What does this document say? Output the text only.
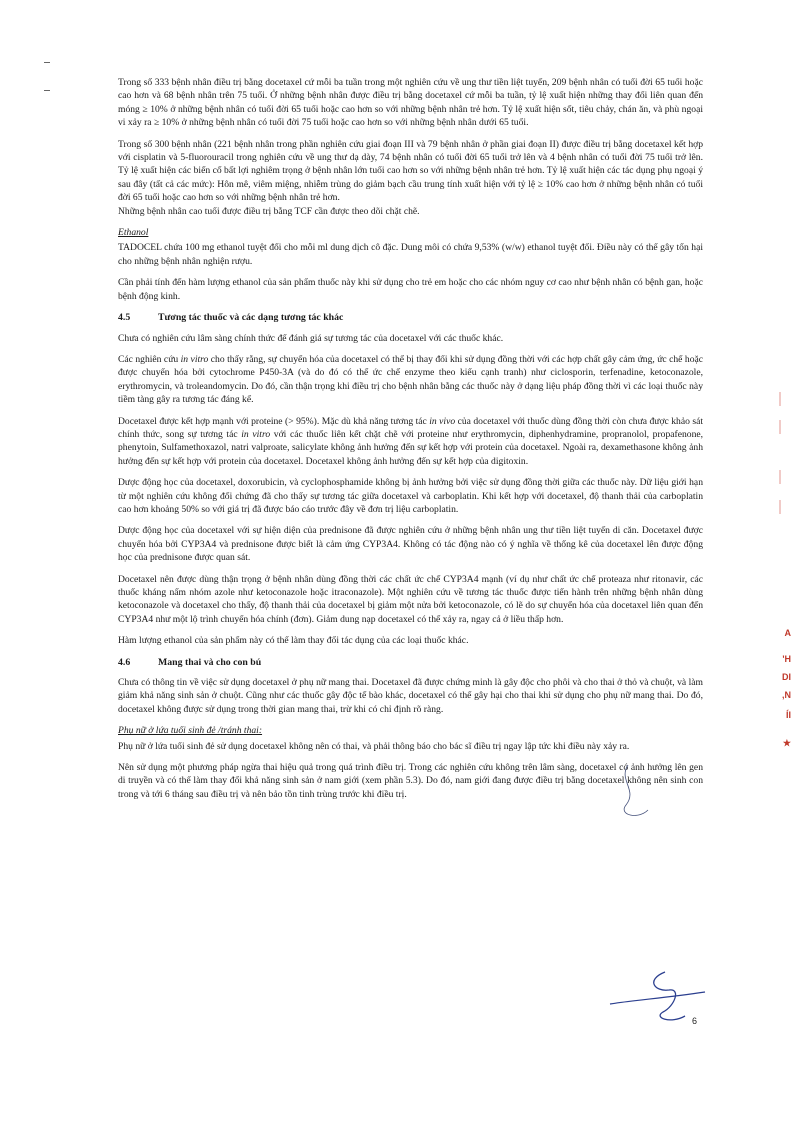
Trong số 333 bệnh nhân điều trị bằng docetaxel cứ mỗi ba tuần trong một nghiên cứu về ung thư tiền liệt tuyến, 209 bệnh nhân có tuổi đời 65 tuổi hoặc cao hơn và 68 bệnh nhân trên 75 tuổi. Ở những bệnh nhân được điều trị bằng docetaxel cứ mỗi ba tuần, tỷ lệ xuất hiện những thay đổi liên quan đến móng ≥ 10% ở những bệnh nhân có tuổi đời 65 tuổi hoặc cao hơn so với những bệnh nhân trẻ hơn. Tỷ lệ xuất hiện sốt, tiêu chảy, chán ăn, và phù ngoại vi xảy ra ≥ 10% ở những bệnh nhân có tuổi đời 75 tuổi hoặc cao hơn so với những bệnh nhân dưới 65 tuổi.

Trong số 300 bệnh nhân (221 bệnh nhân trong phần nghiên cứu giai đoạn III và 79 bệnh nhân ở phần giai đoạn II) được điều trị bằng docetaxel kết hợp với cisplatin và 5-fluorouracil trong nghiên cứu về ung thư dạ dày, 74 bệnh nhân có tuổi đời 65 tuổi trở lên và 4 bệnh nhân có tuổi đời 75 tuổi trở lên. Tỷ lệ xuất hiện các biến cố bất lợi nghiêm trọng ở bệnh nhân lớn tuổi cao hơn so với những bệnh nhân trẻ hơn. Tỷ lệ xuất hiện các tác dụng phụ ngoại ý sau đây (tất cả các mức): Hôn mê, viêm miệng, nhiễm trùng do giảm bạch cầu trung tính xuất hiện với tỷ lệ ≥ 10% cao hơn ở những bệnh nhân có tuổi đời 65 tuổi hoặc cao hơn so với những bệnh nhân trẻ hơn.

Những bệnh nhân cao tuổi được điều trị bằng TCF cần được theo dõi chặt chẽ.

Ethanol

TADOCEL chứa 100 mg ethanol tuyệt đối cho mỗi ml dung dịch cô đặc. Dung môi có chứa 9,53% (w/w) ethanol tuyệt đối. Điều này có thể gây tổn hại cho những bệnh nhân nghiện rượu.

Cần phải tính đến hàm lượng ethanol của sản phẩm thuốc này khi sử dụng cho trẻ em hoặc cho các nhóm nguy cơ cao như bệnh nhân có bệnh gan, hoặc bệnh động kinh.

4.5	Tương tác thuốc và các dạng tương tác khác

Chưa có nghiên cứu lâm sàng chính thức để đánh giá sự tương tác của docetaxel với các thuốc khác.

Các nghiên cứu in vitro cho thấy rằng, sự chuyển hóa của docetaxel có thể bị thay đổi khi sử dụng đồng thời với các hợp chất gây cảm ứng, ức chế hoặc được chuyển hóa bởi cytochrome P450-3A (và do đó có thể ức chế enzyme theo kiểu cạnh tranh) như ciclosporin, terfenadine, ketoconazole, erythromycin, và troleandomycin. Do đó, cần thận trọng khi điều trị cho bệnh nhân bằng các thuốc này ở dạng liệu pháp đồng thời vì các loại thuốc này tiềm tàng gây ra tương tác đáng kể.

Docetaxel được kết hợp mạnh với proteine (> 95%). Mặc dù khả năng tương tác in vivo của docetaxel với thuốc dùng đồng thời còn chưa được khảo sát chính thức, song sự tương tác in vitro với các thuốc liên kết chặt chẽ với proteine như erythromycin, diphenhydramine, propranolol, propafenone, phenytoin, Sulfamethoxazol, natri valproate, salicylate không ảnh hưởng đến sự kết hợp với protein của docetaxel. Ngoài ra, dexamethasone không ảnh hưởng đến sự kết hợp với protein của docetaxel. Docetaxel không ảnh hưởng đến sự kết hợp của digitoxin.

Dược động học của docetaxel, doxorubicin, và cyclophosphamide không bị ảnh hưởng bởi việc sử dụng đồng thời giữa các thuốc này. Dữ liệu giới hạn từ một nghiên cứu không đối chứng đã cho thấy sự tương tác giữa docetaxel và carboplatin. Khi kết hợp với docetaxel, độ thanh thải của carboplatin cao hơn khoảng 50% so với giá trị đã được báo cáo trước đây về đơn trị liệu carboplatin.

Dược động học của docetaxel với sự hiện diện của prednisone đã được nghiên cứu ở những bệnh nhân ung thư tiền liệt tuyến di căn. Docetaxel được chuyển hóa bởi CYP3A4 và prednisone được biết là cảm ứng CYP3A4. Không có tác động nào có ý nghĩa về thống kê của docetaxel lên được động học của prednisone được quan sát.

Docetaxel nên được dùng thận trọng ở bệnh nhân dùng đồng thời các chất ức chế CYP3A4 mạnh (ví dụ như chất ức chế proteaza như ritonavir, các thuốc kháng nấm nhóm azole như ketoconazole hoặc itraconazole). Một nghiên cứu về tương tác thuốc được tiến hành trên những bệnh nhân dùng ketoconazole và docetaxel cho thấy, độ thanh thải của docetaxel bị giảm một nửa bởi ketoconazole, có lẽ do sự chuyển hóa của docetaxel liên quan đến CYP3A4 như một lộ trình chuyển hóa chính (đơn). Giảm dung nạp docetaxel có thể xảy ra, ngay cả ở liều thấp hơn.

Hàm lượng ethanol của sản phẩm này có thể làm thay đổi tác dụng của các loại thuốc khác.

4.6	Mang thai và cho con bú

Chưa có thông tin về việc sử dụng docetaxel ở phụ nữ mang thai. Docetaxel đã được chứng minh là gây độc cho phôi và cho thai ở thỏ và chuột, và làm giảm khả năng sinh sản ở chuột. Cũng như các thuốc gây độc tế bào khác, docetaxel có thể gây hại cho thai khi sử dụng cho phụ nữ mang thai. Do đó, docetaxel không được sử dụng trong thời gian mang thai, trừ khi có chỉ định rõ ràng.

Phụ nữ ở lứa tuổi sinh đẻ /tránh thai:

Phụ nữ ở lứa tuổi sinh đẻ sử dụng docetaxel không nên có thai, và phải thông báo cho bác sĩ điều trị ngay lập tức khi điều này xảy ra.

Nên sử dụng một phương pháp ngừa thai hiệu quả trong quá trình điều trị. Trong các nghiên cứu không trên lâm sàng, docetaxel có ảnh hưởng lên gen di truyền và có thể làm thay đổi khả năng sinh sản ở nam giới (xem phần 5.3). Do đó, nam giới đang được điều trị bằng docetaxel không nên sinh con trong và tới 6 tháng sau điều trị và nên bảo tồn tinh trùng trước khi điều trị.

A
'H
DI
,N
ÍI
★
6
